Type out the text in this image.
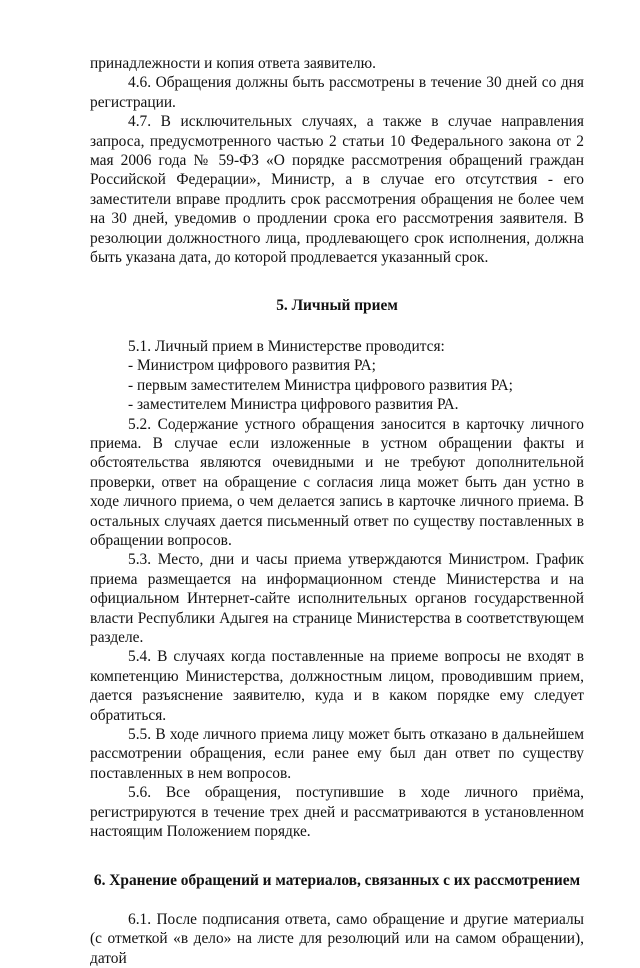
принадлежности и копия ответа заявителю.

4.6. Обращения должны быть рассмотрены в течение 30 дней со дня регистрации.

4.7. В исключительных случаях, а также в случае направления запроса, предусмотренного частью 2 статьи 10 Федерального закона от 2 мая 2006 года № 59-ФЗ «О порядке рассмотрения обращений граждан Российской Федерации», Министр, а в случае его отсутствия - его заместители вправе продлить срок рассмотрения обращения не более чем на 30 дней, уведомив о продлении срока его рассмотрения заявителя. В резолюции должностного лица, продлевающего срок исполнения, должна быть указана дата, до которой продлевается указанный срок.

5. Личный прием

5.1. Личный прием в Министерстве проводится:

- Министром цифрового развития РА;

- первым заместителем Министра цифрового развития РА;

- заместителем Министра цифрового развития РА.

5.2. Содержание устного обращения заносится в карточку личного приема. В случае если изложенные в устном обращении факты и обстоятельства являются очевидными и не требуют дополнительной проверки, ответ на обращение с согласия лица может быть дан устно в ходе личного приема, о чем делается запись в карточке личного приема. В остальных случаях дается письменный ответ по существу поставленных в обращении вопросов.

5.3. Место, дни и часы приема утверждаются Министром. График приема размещается на информационном стенде Министерства и на официальном Интернет-сайте исполнительных органов государственной власти Республики Адыгея на странице Министерства в соответствующем разделе.

5.4. В случаях когда поставленные на приеме вопросы не входят в компетенцию Министерства, должностным лицом, проводившим прием, дается разъяснение заявителю, куда и в каком порядке ему следует обратиться.

5.5. В ходе личного приема лицу может быть отказано в дальнейшем рассмотрении обращения, если ранее ему был дан ответ по существу поставленных в нем вопросов.

5.6. Все обращения, поступившие в ходе личного приёма, регистрируются в течение трех дней и рассматриваются в установленном настоящим Положением порядке.

6. Хранение обращений и материалов, связанных с их рассмотрением

6.1. После подписания ответа, само обращение и другие материалы (с отметкой «в дело» на листе для резолюций или на самом обращении), датой
